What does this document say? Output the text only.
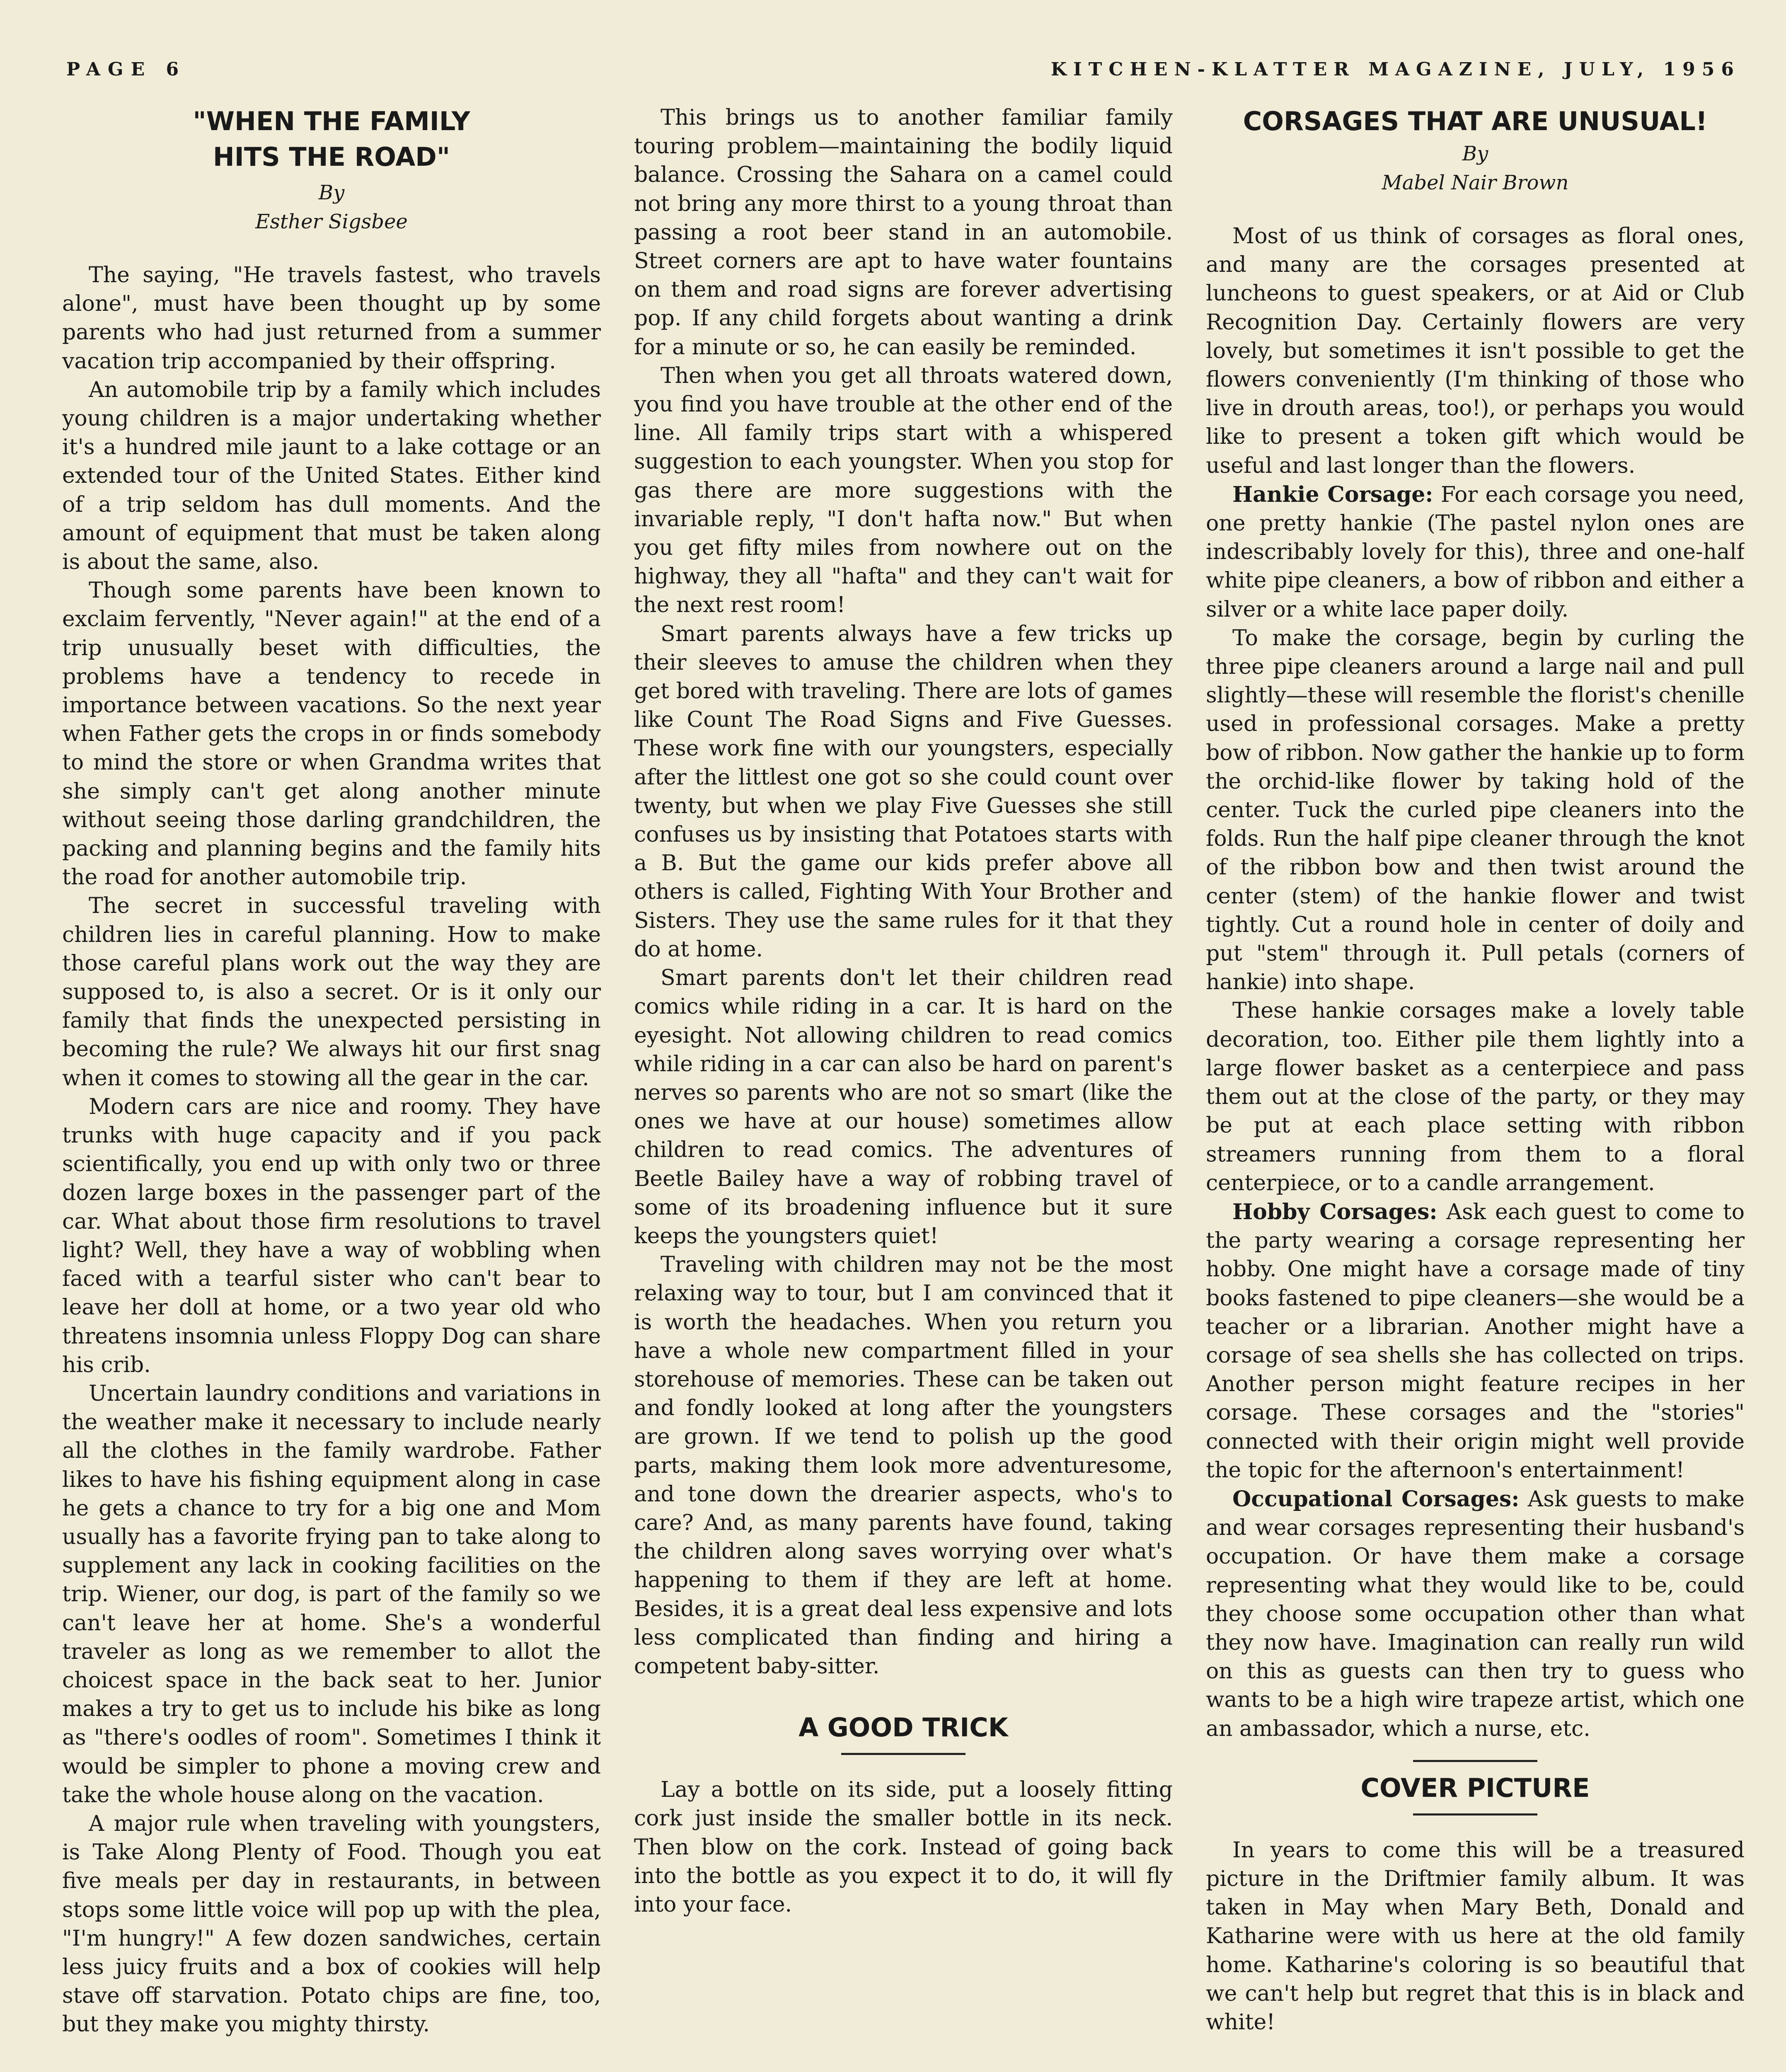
PAGE 6	KITCHEN-KLATTER MAGAZINE, JULY, 1956
"WHEN THE FAMILY
HITS THE ROAD"

By

Esther Sigsbee

The saying, "He travels fastest, who travels alone", must have been thought up by some parents who had just returned from a summer vacation trip accompanied by their offspring.

An automobile trip by a family which includes young children is a major undertaking whether it's a hundred mile jaunt to a lake cottage or an extended tour of the United States. Either kind of a trip seldom has dull moments. And the amount of equipment that must be taken along is about the same, also.

Though some parents have been known to exclaim fervently, "Never again!" at the end of a trip unusually beset with difficulties, the problems have a tendency to recede in importance between vacations. So the next year when Father gets the crops in or finds somebody to mind the store or when Grandma writes that she simply can't get along another minute without seeing those darling grandchildren, the packing and planning begins and the family hits the road for another automobile trip.

The secret in successful traveling with children lies in careful planning. How to make those careful plans work out the way they are supposed to, is also a secret. Or is it only our family that finds the unexpected persisting in becoming the rule? We always hit our first snag when it comes to stowing all the gear in the car.

Modern cars are nice and roomy. They have trunks with huge capacity and if you pack scientifically, you end up with only two or three dozen large boxes in the passenger part of the car. What about those firm resolutions to travel light? Well, they have a way of wobbling when faced with a tearful sister who can't bear to leave her doll at home, or a two year old who threatens insomnia unless Floppy Dog can share his crib.

Uncertain laundry conditions and variations in the weather make it necessary to include nearly all the clothes in the family wardrobe. Father likes to have his fishing equipment along in case he gets a chance to try for a big one and Mom usually has a favorite frying pan to take along to supplement any lack in cooking facilities on the trip. Wiener, our dog, is part of the family so we can't leave her at home. She's a wonderful traveler as long as we remember to allot the choicest space in the back seat to her. Junior makes a try to get us to include his bike as long as "there's oodles of room". Sometimes I think it would be simpler to phone a moving crew and take the whole house along on the vacation.

A major rule when traveling with youngsters, is Take Along Plenty of Food. Though you eat five meals per day in restaurants, in between stops some little voice will pop up with the plea, "I'm hungry!" A few dozen sandwiches, certain less juicy fruits and a box of cookies will help stave off starvation. Potato chips are fine, too, but they make you mighty thirsty.

This brings us to another familiar family touring problem—maintaining the bodily liquid balance. Crossing the Sahara on a camel could not bring any more thirst to a young throat than passing a root beer stand in an automobile. Street corners are apt to have water fountains on them and road signs are forever advertising pop. If any child forgets about wanting a drink for a minute or so, he can easily be reminded.

Then when you get all throats watered down, you find you have trouble at the other end of the line. All family trips start with a whispered suggestion to each youngster. When you stop for gas there are more suggestions with the invariable reply, "I don't hafta now." But when you get fifty miles from nowhere out on the highway, they all "hafta" and they can't wait for the next rest room!

Smart parents always have a few tricks up their sleeves to amuse the children when they get bored with traveling. There are lots of games like Count The Road Signs and Five Guesses. These work fine with our youngsters, especially after the littlest one got so she could count over twenty, but when we play Five Guesses she still confuses us by insisting that Potatoes starts with a B. But the game our kids prefer above all others is called, Fighting With Your Brother and Sisters. They use the same rules for it that they do at home.

Smart parents don't let their children read comics while riding in a car. It is hard on the eyesight. Not allowing children to read comics while riding in a car can also be hard on parent's nerves so parents who are not so smart (like the ones we have at our house) sometimes allow children to read comics. The adventures of Beetle Bailey have a way of robbing travel of some of its broadening influence but it sure keeps the youngsters quiet!

Traveling with children may not be the most relaxing way to tour, but I am convinced that it is worth the headaches. When you return you have a whole new compartment filled in your storehouse of memories. These can be taken out and fondly looked at long after the youngsters are grown. If we tend to polish up the good parts, making them look more adventuresome, and tone down the drearier aspects, who's to care? And, as many parents have found, taking the children along saves worrying over what's happening to them if they are left at home. Besides, it is a great deal less expensive and lots less complicated than finding and hiring a competent baby-sitter.

A GOOD TRICK

Lay a bottle on its side, put a loosely fitting cork just inside the smaller bottle in its neck. Then blow on the cork. Instead of going back into the bottle as you expect it to do, it will fly into your face.

CORSAGES THAT ARE UNUSUAL!

By

Mabel Nair Brown

Most of us think of corsages as floral ones, and many are the corsages presented at luncheons to guest speakers, or at Aid or Club Recognition Day. Certainly flowers are very lovely, but sometimes it isn't possible to get the flowers conveniently (I'm thinking of those who live in drouth areas, too!), or perhaps you would like to present a token gift which would be useful and last longer than the flowers.

Hankie Corsage: For each corsage you need, one pretty hankie (The pastel nylon ones are indescribably lovely for this), three and one-half white pipe cleaners, a bow of ribbon and either a silver or a white lace paper doily.

To make the corsage, begin by curling the three pipe cleaners around a large nail and pull slightly—these will resemble the florist's chenille used in professional corsages. Make a pretty bow of ribbon. Now gather the hankie up to form the orchid-like flower by taking hold of the center. Tuck the curled pipe cleaners into the folds. Run the half pipe cleaner through the knot of the ribbon bow and then twist around the center (stem) of the hankie flower and twist tightly. Cut a round hole in center of doily and put "stem" through it. Pull petals (corners of hankie) into shape.

These hankie corsages make a lovely table decoration, too. Either pile them lightly into a large flower basket as a centerpiece and pass them out at the close of the party, or they may be put at each place setting with ribbon streamers running from them to a floral centerpiece, or to a candle arrangement.

Hobby Corsages: Ask each guest to come to the party wearing a corsage representing her hobby. One might have a corsage made of tiny books fastened to pipe cleaners—she would be a teacher or a librarian. Another might have a corsage of sea shells she has collected on trips. Another person might feature recipes in her corsage. These corsages and the "stories" connected with their origin might well provide the topic for the afternoon's entertainment!

Occupational Corsages: Ask guests to make and wear corsages representing their husband's occupation. Or have them make a corsage representing what they would like to be, could they choose some occupation other than what they now have. Imagination can really run wild on this as guests can then try to guess who wants to be a high wire trapeze artist, which one an ambassador, which a nurse, etc.

COVER PICTURE

In years to come this will be a treasured picture in the Driftmier family album. It was taken in May when Mary Beth, Donald and Katharine were with us here at the old family home. Katharine's coloring is so beautiful that we can't help but regret that this is in black and white!
